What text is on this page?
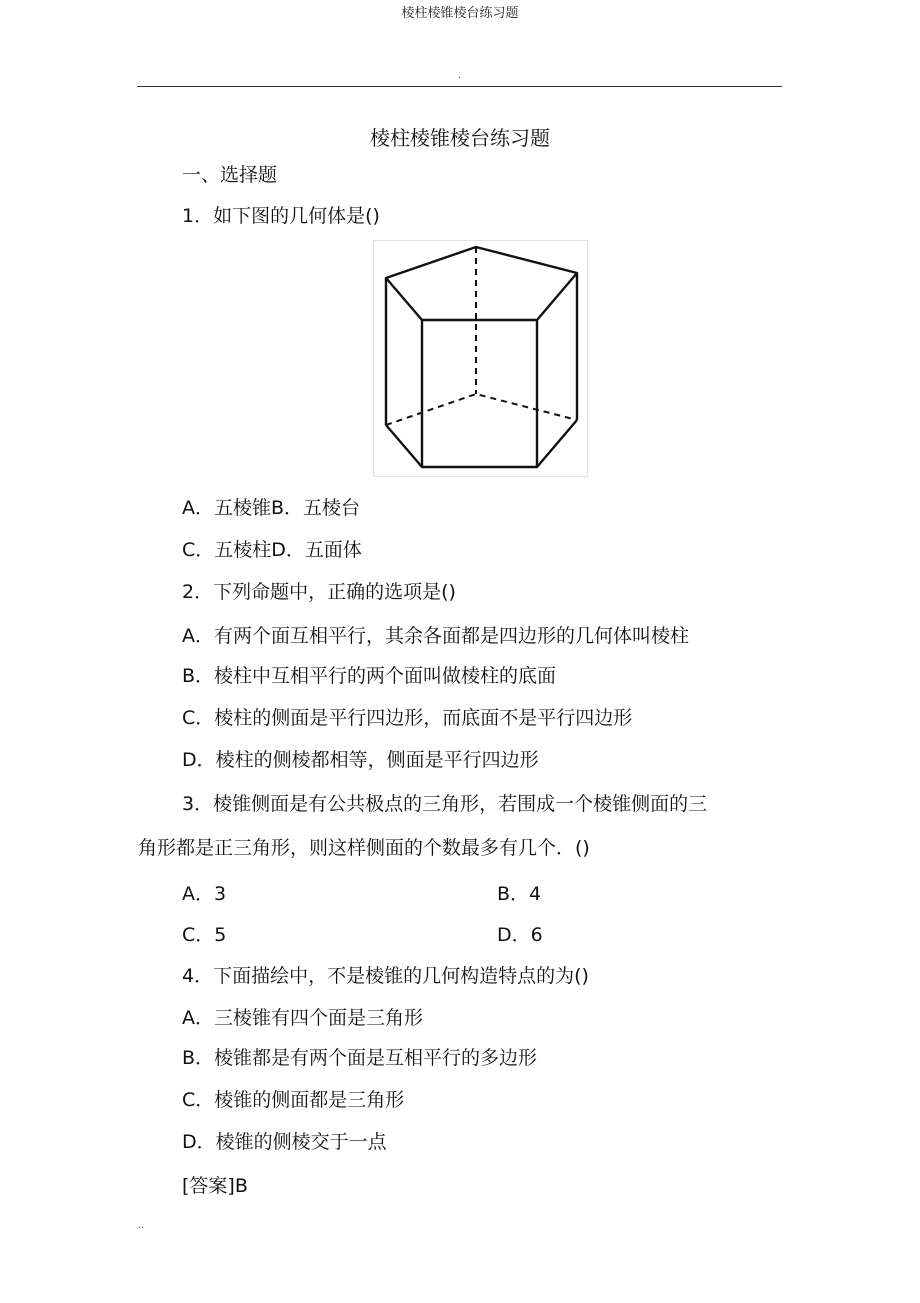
棱柱棱锥棱台练习题
.
棱柱棱锥棱台练习题
一、选择题
1．如下图的几何体是()
A．五棱锥B．五棱台
C．五棱柱D．五面体
2．下列命题中，正确的选项是()
A．有两个面互相平行，其余各面都是四边形的几何体叫棱柱
B．棱柱中互相平行的两个面叫做棱柱的底面
C．棱柱的侧面是平行四边形，而底面不是平行四边形
D．棱柱的侧棱都相等，侧面是平行四边形
3．棱锥侧面是有公共极点的三角形，若围成一个棱锥侧面的三
角形都是正三角形，则这样侧面的个数最多有几个．()
A．3	B．4
C．5	D．6
4．下面描绘中，不是棱锥的几何构造特点的为()
A．三棱锥有四个面是三角形
B．棱锥都是有两个面是互相平行的多边形
C．棱锥的侧面都是三角形
D．棱锥的侧棱交于一点
[答案]B
..
